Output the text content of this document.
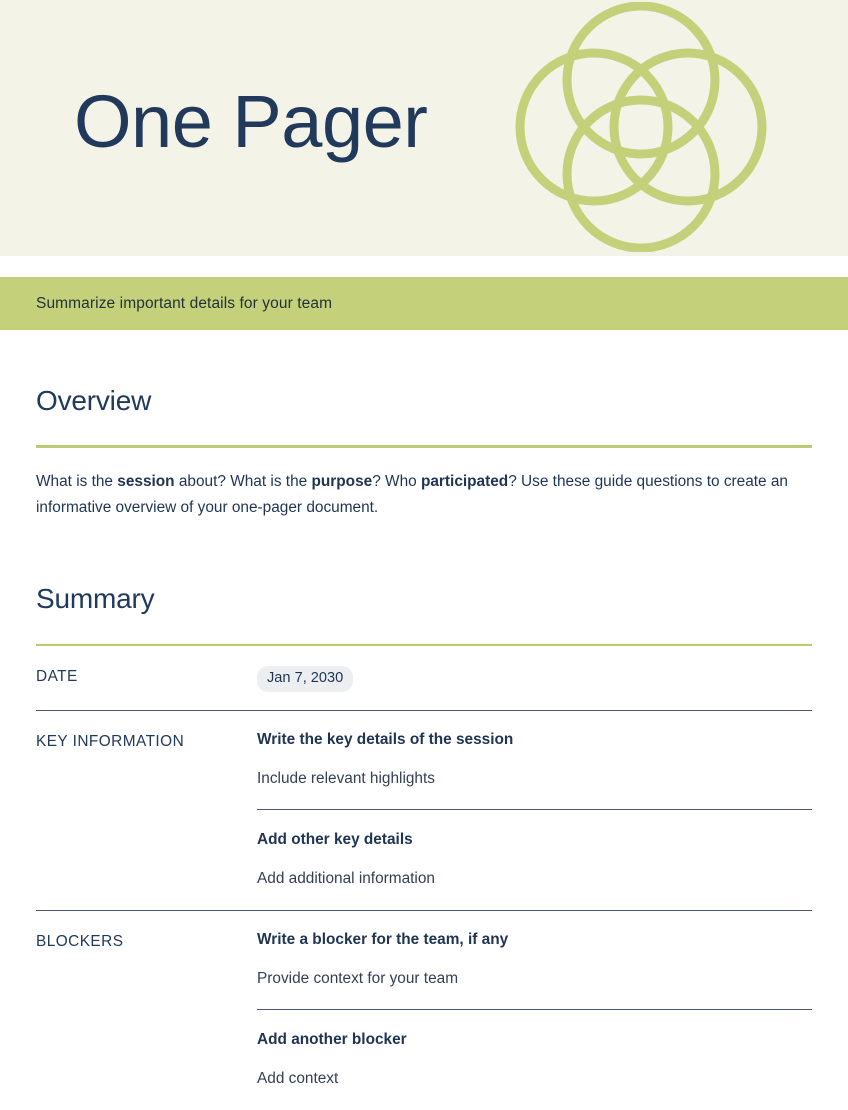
One Pager
Summarize important details for your team
Overview

What is the session about? What is the purpose? Who participated? Use these guide questions to create an informative overview of your one-pager document.

Summary
DATE	Jan 7, 2030
KEY INFORMATION	Write the key details of the session
Include relevant highlights
Add other key details
Add additional information
BLOCKERS	Write a blocker for the team, if any
Provide context for your team
Add another blocker
Add context
